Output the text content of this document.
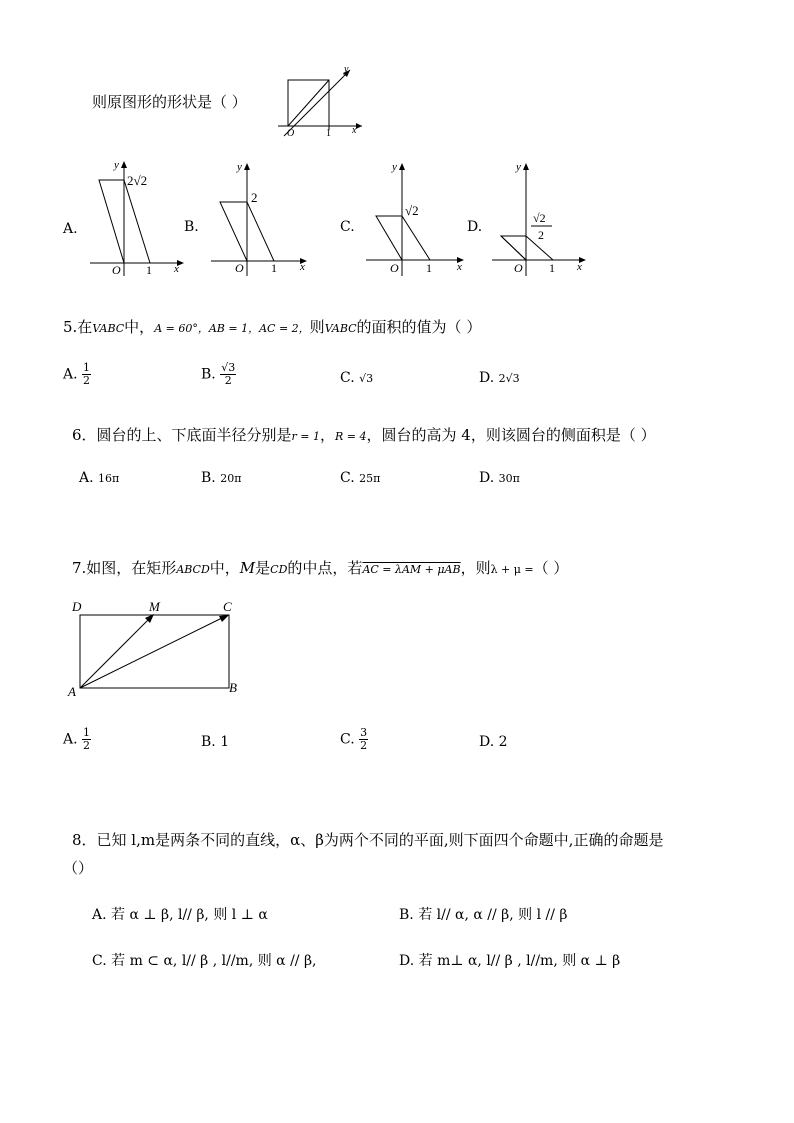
则原图形的形状是（ ）
y
x
O	1
A.
y
x
O 1
2√2
B.
y
x
O 1
2
C.
y
x
O 1
√2
D.
y
x
O 1
√2
2
5.在VABC中，A = 60°，AB = 1，AC = 2，则VABC的面积的值为（ ）
A. $\frac{1}{2}$	B. $\frac{√3}{2}$	C. √3	D. 2√3
6．圆台的上、下底面半径分别是r = 1，R = 4，圆台的高为 4，则该圆台的侧面积是（ ）
A. 16π	B. 20π	C. 25π	D. 30π
7.如图，在矩形ABCD中，M是CD的中点，若AC = λAM + μAB，则λ + μ =（ ）
D	M	C
A	B
A. $\frac{1}{2}$	B. 1	C. $\frac{3}{2}$	D. 2
8．已知 l,m是两条不同的直线，α、β为两个不同的平面,则下面四个命题中,正确的命题是
（）
A. 若 α ⊥ β, l// β, 则 l ⊥ α	B. 若 l// α, α // β, 则 l // β
C. 若 m ⊂ α, l// β , l//m, 则 α // β,	D. 若 m⊥ α, l// β , l//m, 则 α ⊥ β
